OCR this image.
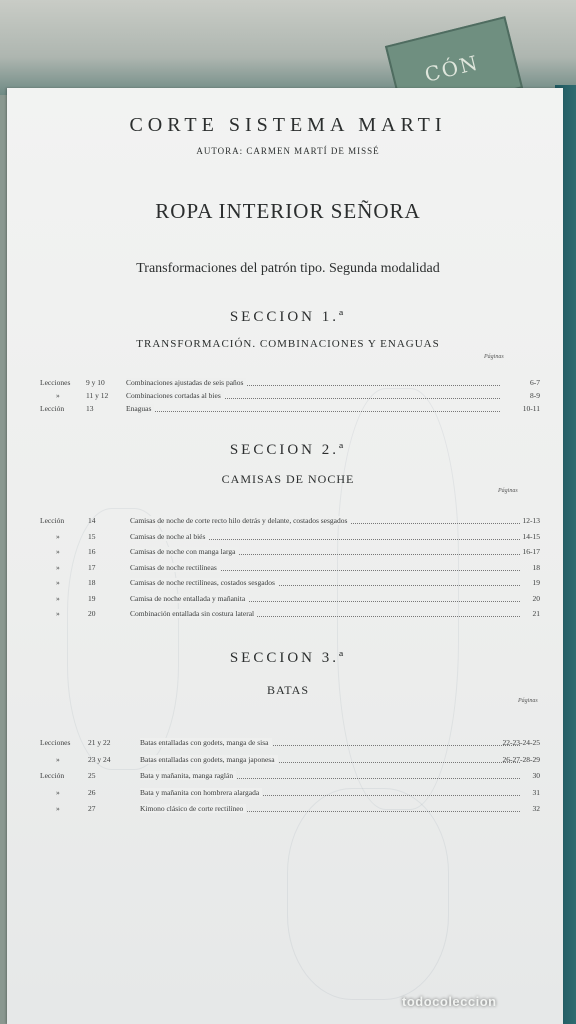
CÓN
CORTE SISTEMA MARTI
AUTORA: CARMEN MARTÍ DE MISSÉ
ROPA INTERIOR SEÑORA
Transformaciones del patrón tipo. Segunda modalidad
SECCION 1.ª
TRANSFORMACIÓN. COMBINACIONES Y ENAGUAS
Páginas
Lecciones 9 y 10	Combinaciones ajustadas de seis paños	6-7
»	11 y 12 Combinaciones cortadas al bies	8-9
Lección	13	Enaguas	10-11
SECCION 2.ª
CAMISAS DE NOCHE
Páginas
Lección	14	Camisas de noche de corte recto hilo detrás y delante, costados sesgados	12-13
»	15	Camisas de noche al biés	14-15
»	16	Camisas de noche con manga larga	16-17
»	17	Camisas de noche rectilíneas	18
»	18	Camisas de noche rectilíneas, costados sesgados	19
»	19	Camisa de noche entallada y mañanita	20
»	20	Combinación entallada sin costura lateral	21
SECCION 3.ª
BATAS
Páginas
Lecciones 21 y 22	Batas entalladas con godets, manga de sisa	22-23-24-25
»	23 y 24	Batas entalladas con godets, manga japonesa	26-27-28-29
Lección	25	Bata y mañanita, manga raglán	30
»	26	Bata y mañanita con hombrera alargada	31
»	27	Kimono clásico de corte rectilíneo	32
todocoleccion
